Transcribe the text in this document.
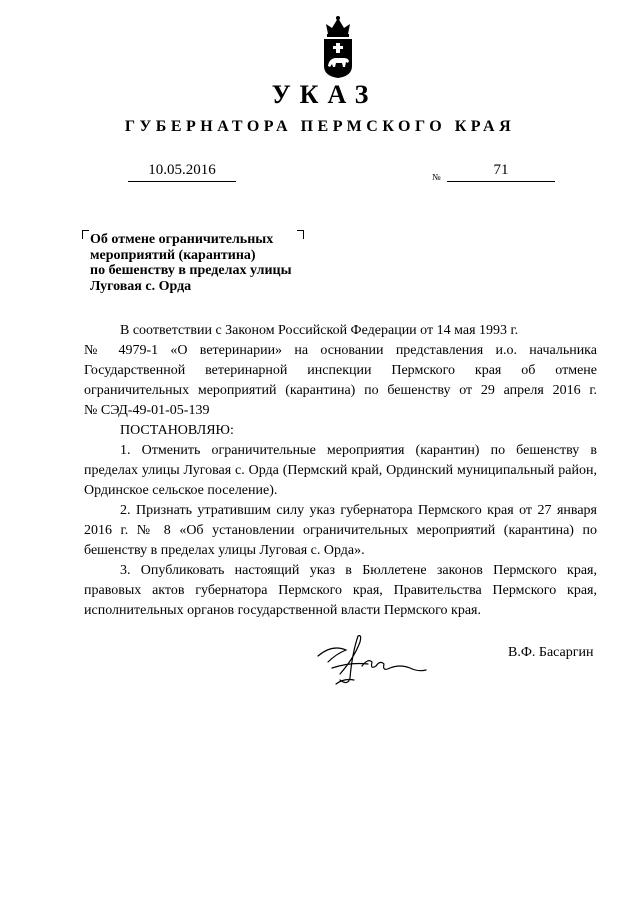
УКАЗ
ГУБЕРНАТОРА ПЕРМСКОГО КРАЯ
10.05.2016	№	71
Об отмене ограничительных
мероприятий (карантина)
по бешенству в пределах улицы
Луговая с. Орда

В соответствии с Законом Российской Федерации от 14 мая 1993 г.

№ 4979-1 «О ветеринарии» на основании представления и.о. начальника

Государственной ветеринарной инспекции Пермского края об отмене

ограничительных мероприятий (карантина) по бешенству от 29 апреля 2016 г.

№ СЭД-49-01-05-139

ПОСТАНОВЛЯЮ:

1. Отменить ограничительные мероприятия (карантин) по бешенству в пределах улицы Луговая с. Орда (Пермский край, Ординский муниципальный район, Ординское сельское поселение).

2. Признать утратившим силу указ губернатора Пермского края от 27 января 2016 г. № 8 «Об установлении ограничительных мероприятий (карантина) по бешенству в пределах улицы Луговая с. Орда».

3. Опубликовать настоящий указ в Бюллетене законов Пермского края, правовых актов губернатора Пермского края, Правительства Пермского края, исполнительных органов государственной власти Пермского края.

В.Ф. Басаргин
